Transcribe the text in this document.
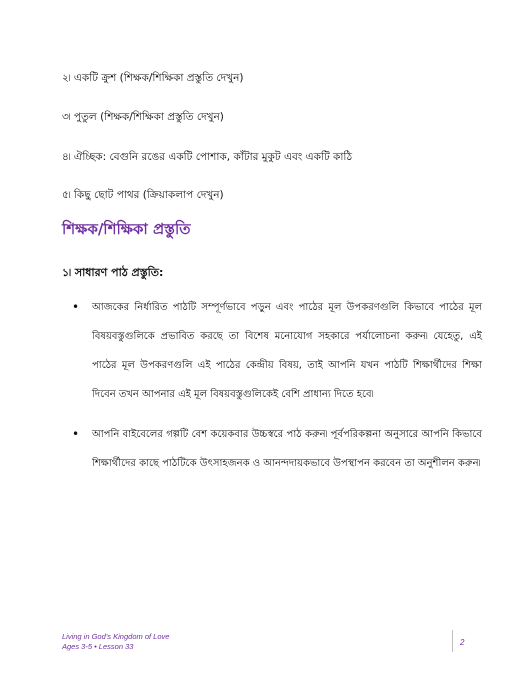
২৷ একটি ক্রুশ (শিক্ষক/শিক্ষিকা প্রস্তুতি দেখুন)
৩৷ পুতুল (শিক্ষক/শিক্ষিকা প্রস্তুতি দেখুন)
৪৷ ঐচ্ছিক: বেগুনি রঙের একটি পোশাক, কাঁটার মুকুট এবং একটি কাঠি
৫৷ কিছু ছোট পাথর (ক্রিয়াকলাপ দেখুন)
শিক্ষক/শিক্ষিকা প্রস্তুতি
১৷ সাধারণ পাঠ প্রস্তুতি:
• আজকের নির্ধারিত পাঠটি সম্পূর্ণভাবে পড়ুন এবং পাঠের মূল উপকরণগুলি কিভাবে পাঠের মূল বিষয়বস্তুগুলিকে প্রভাবিত করছে তা বিশেষ মনোযোগ সহকারে পর্যালোচনা করুন৷ যেহেতু, এই পাঠের মূল উপকরণগুলি এই পাঠের কেন্দ্রীয় বিষয়, তাই আপনি যখন পাঠটি শিক্ষার্থীদের শিক্ষা দিবেন তখন আপনার এই মূল বিষয়বস্তুগুলিকেই বেশি প্রাধান্য দিতে হবে৷
• আপনি বাইবেলের গল্পটি বেশ কয়েকবার উচ্চস্বরে পাঠ করুন৷ পূর্বপরিকল্পনা অনুসারে আপনি কিভাবে শিক্ষার্থীদের কাছে পাঠটিকে উৎসাহজনক ও আনন্দদায়কভাবে উপস্থাপন করবেন তা অনুশীলন করুন৷
Living in God’s Kingdom of Love
Ages 3-5 • Lesson 33	2
